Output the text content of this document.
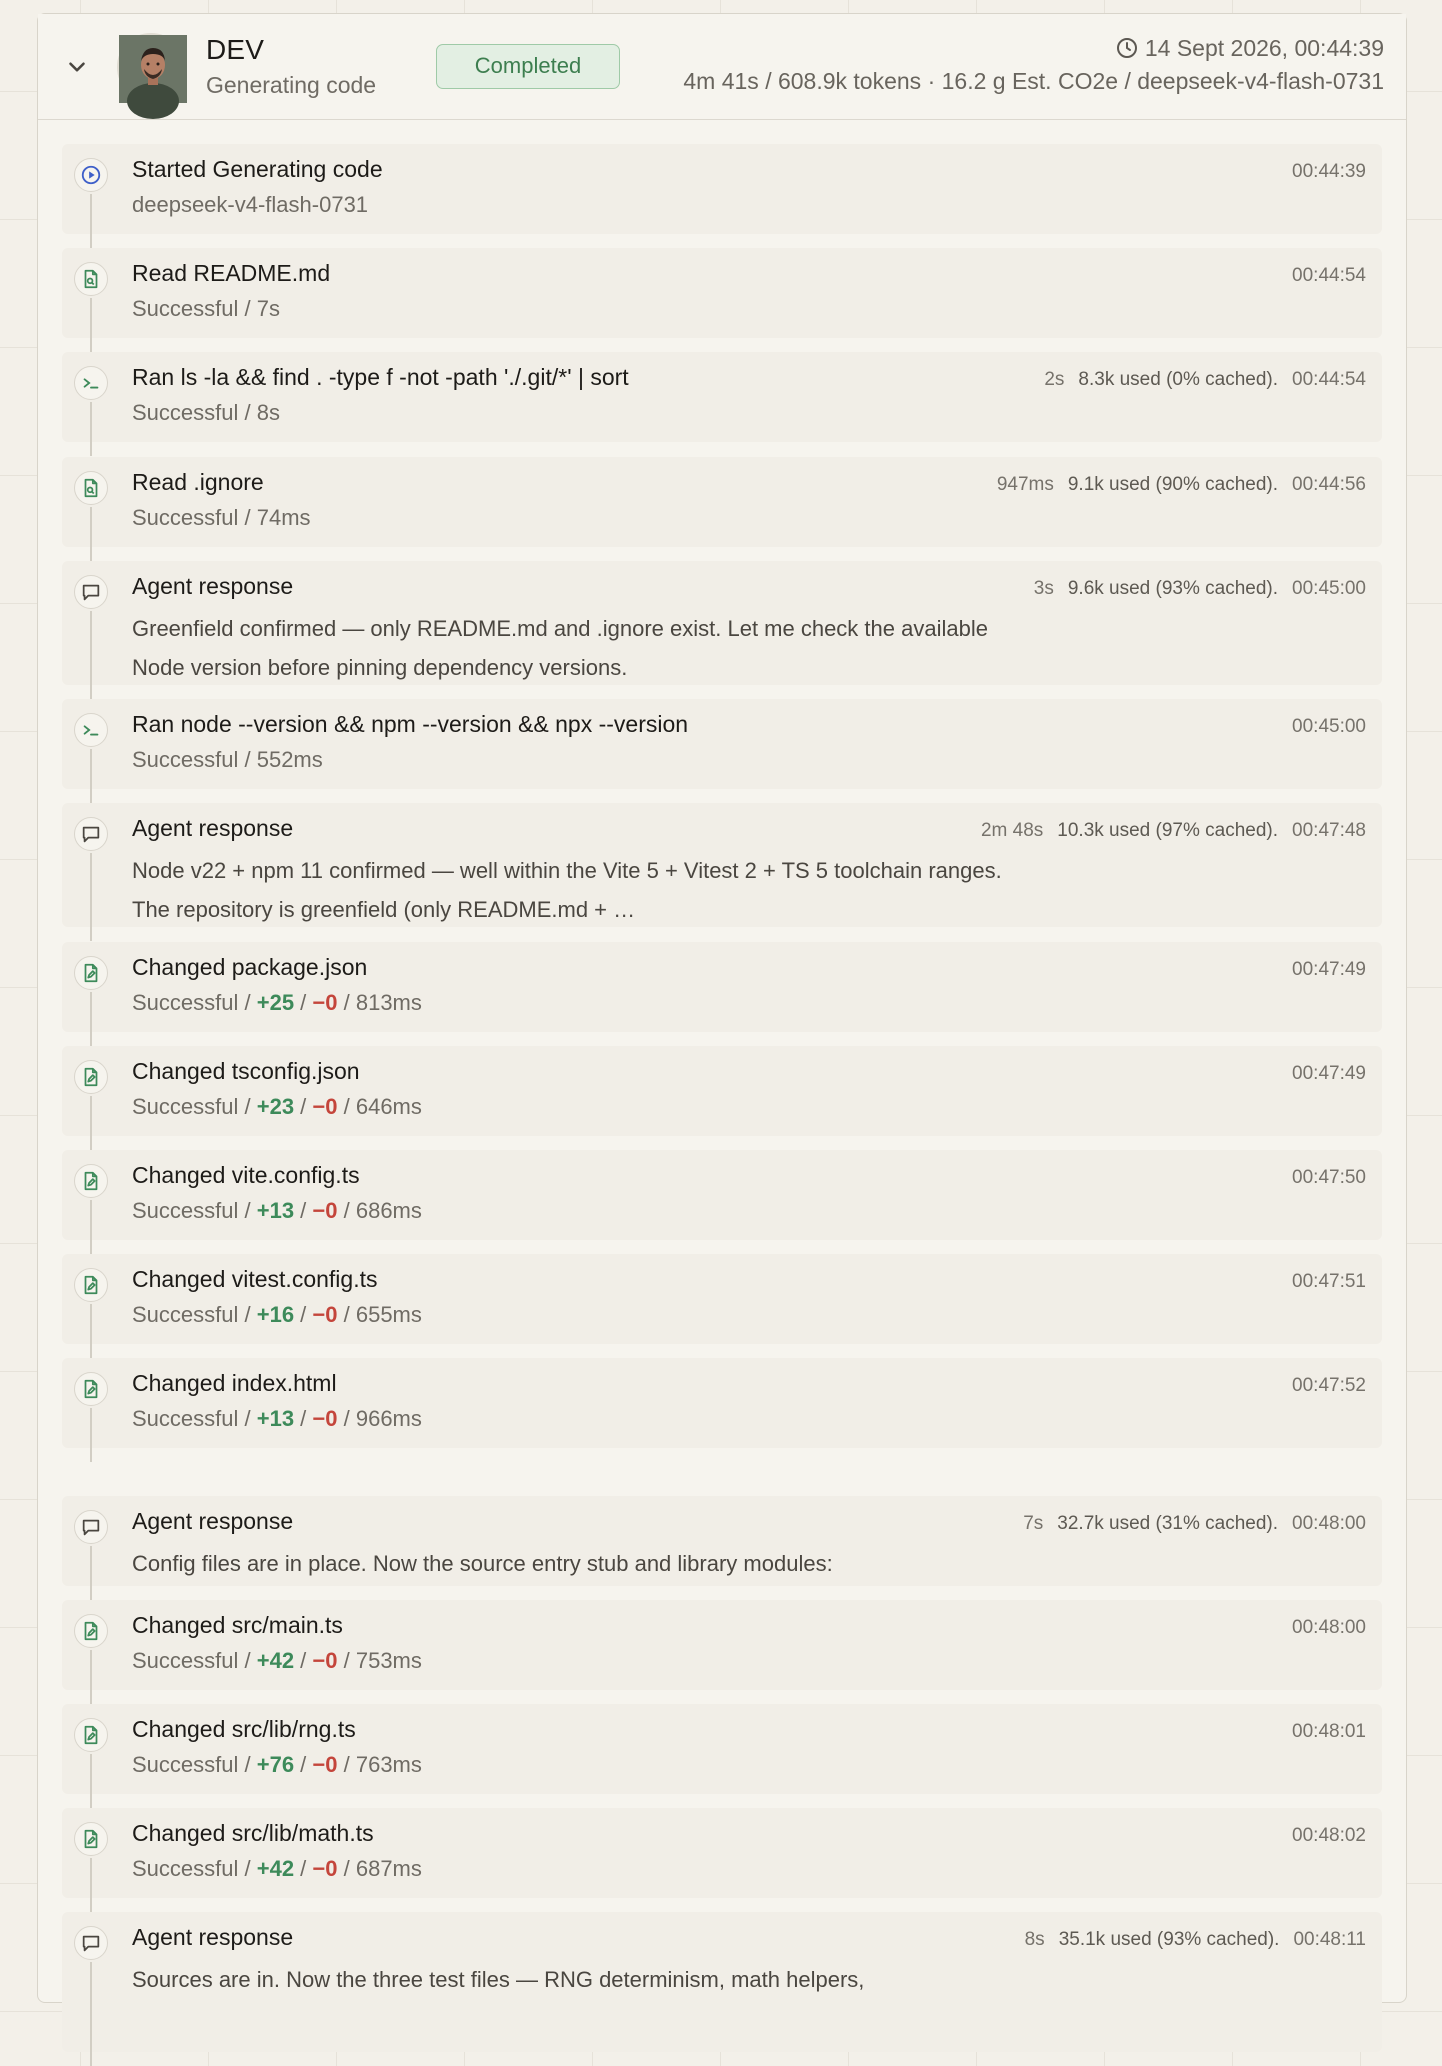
DEV
Generating code
Completed
14 Sept 2026, 00:44:39
4m 41s / 608.9k tokens · 16.2 g Est. CO2e / deepseek-v4-flash-0731
Started Generating code
deepseek-v4-flash-0731
00:44:39
Read README.md
Successful / 7s
00:44:54
Ran ls -la && find . -type f -not -path './.git/*' | sort
Successful / 8s
2s 8.3k used (0% cached). 00:44:54
Read .ignore
Successful / 74ms
947ms 9.1k used (90% cached). 00:44:56
Agent response
Greenfield confirmed — only README.md and .ignore exist. Let me check the available Node version before pinning dependency versions.
3s 9.6k used (93% cached). 00:45:00
Ran node --version && npm --version && npx --version
Successful / 552ms
00:45:00
Agent response
Node v22 + npm 11 confirmed — well within the Vite 5 + Vitest 2 + TS 5 toolchain ranges. The repository is greenfield (only README.md + …
2m 48s 10.3k used (97% cached). 00:47:48
Changed package.json
Successful / +25 / −0 / 813ms
00:47:49
Changed tsconfig.json
Successful / +23 / −0 / 646ms
00:47:49
Changed vite.config.ts
Successful / +13 / −0 / 686ms
00:47:50
Changed vitest.config.ts
Successful / +16 / −0 / 655ms
00:47:51
Changed index.html
Successful / +13 / −0 / 966ms
00:47:52
Agent response
Config files are in place. Now the source entry stub and library modules:
7s 32.7k used (31% cached). 00:48:00
Changed src/main.ts
Successful / +42 / −0 / 753ms
00:48:00
Changed src/lib/rng.ts
Successful / +76 / −0 / 763ms
00:48:01
Changed src/lib/math.ts
Successful / +42 / −0 / 687ms
00:48:02
Agent response
Sources are in. Now the three test files — RNG determinism, math helpers,
8s 35.1k used (93% cached). 00:48:11
